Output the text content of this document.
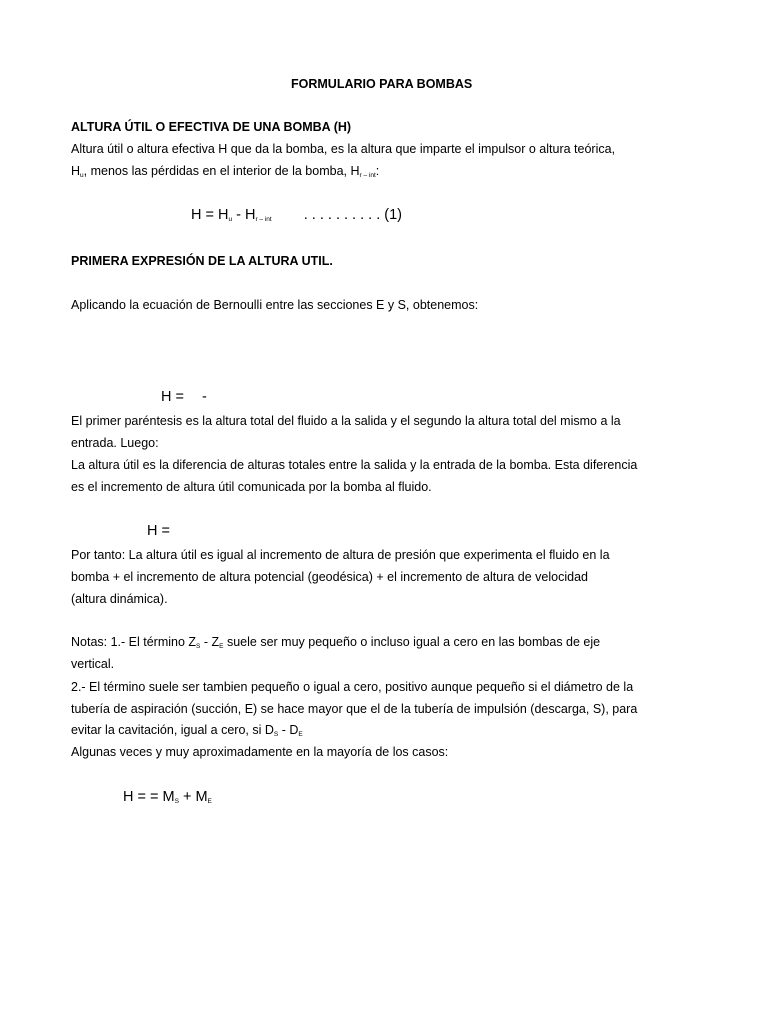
FORMULARIO PARA BOMBAS
ALTURA ÚTIL O EFECTIVA DE UNA BOMBA (H)
Altura útil o altura efectiva H que da la bomba, es la altura que imparte el impulsor o altura teórica,
$H_u$, menos las pérdidas en el interior de la bomba, $H_{r - int}$:
$H = H_u - H_{r - int}$ . . . . . . . . . . (1)
PRIMERA EXPRESIÓN DE LA ALTURA UTIL.
Aplicando la ecuación de Bernoulli entre las secciones E y S, obtenemos:
H = -
El primer paréntesis es la altura total del fluido a la salida y el segundo la altura total del mismo a la
entrada. Luego:
La altura útil es la diferencia de alturas totales entre la salida y la entrada de la bomba. Esta diferencia
es el incremento de altura útil comunicada por la bomba al fluido.
H =
Por tanto: La altura útil es igual al incremento de altura de presión que experimenta el fluido en la
bomba + el incremento de altura potencial (geodésica) + el incremento de altura de velocidad
(altura dinámica).
Notas: 1.- El término $Z_S - Z_E$ suele ser muy pequeño o incluso igual a cero en las bombas de eje
vertical.
2.- El término suele ser tambien pequeño o igual a cero, positivo aunque pequeño si el diámetro de la
tubería de aspiración (succión, E) se hace mayor que el de la tubería de impulsión (descarga, S), para
evitar la cavitación, igual a cero, si $D_S - D_E$
Algunas veces y muy aproximadamente en la mayoría de los casos:
H = = $M_S + M_E$
